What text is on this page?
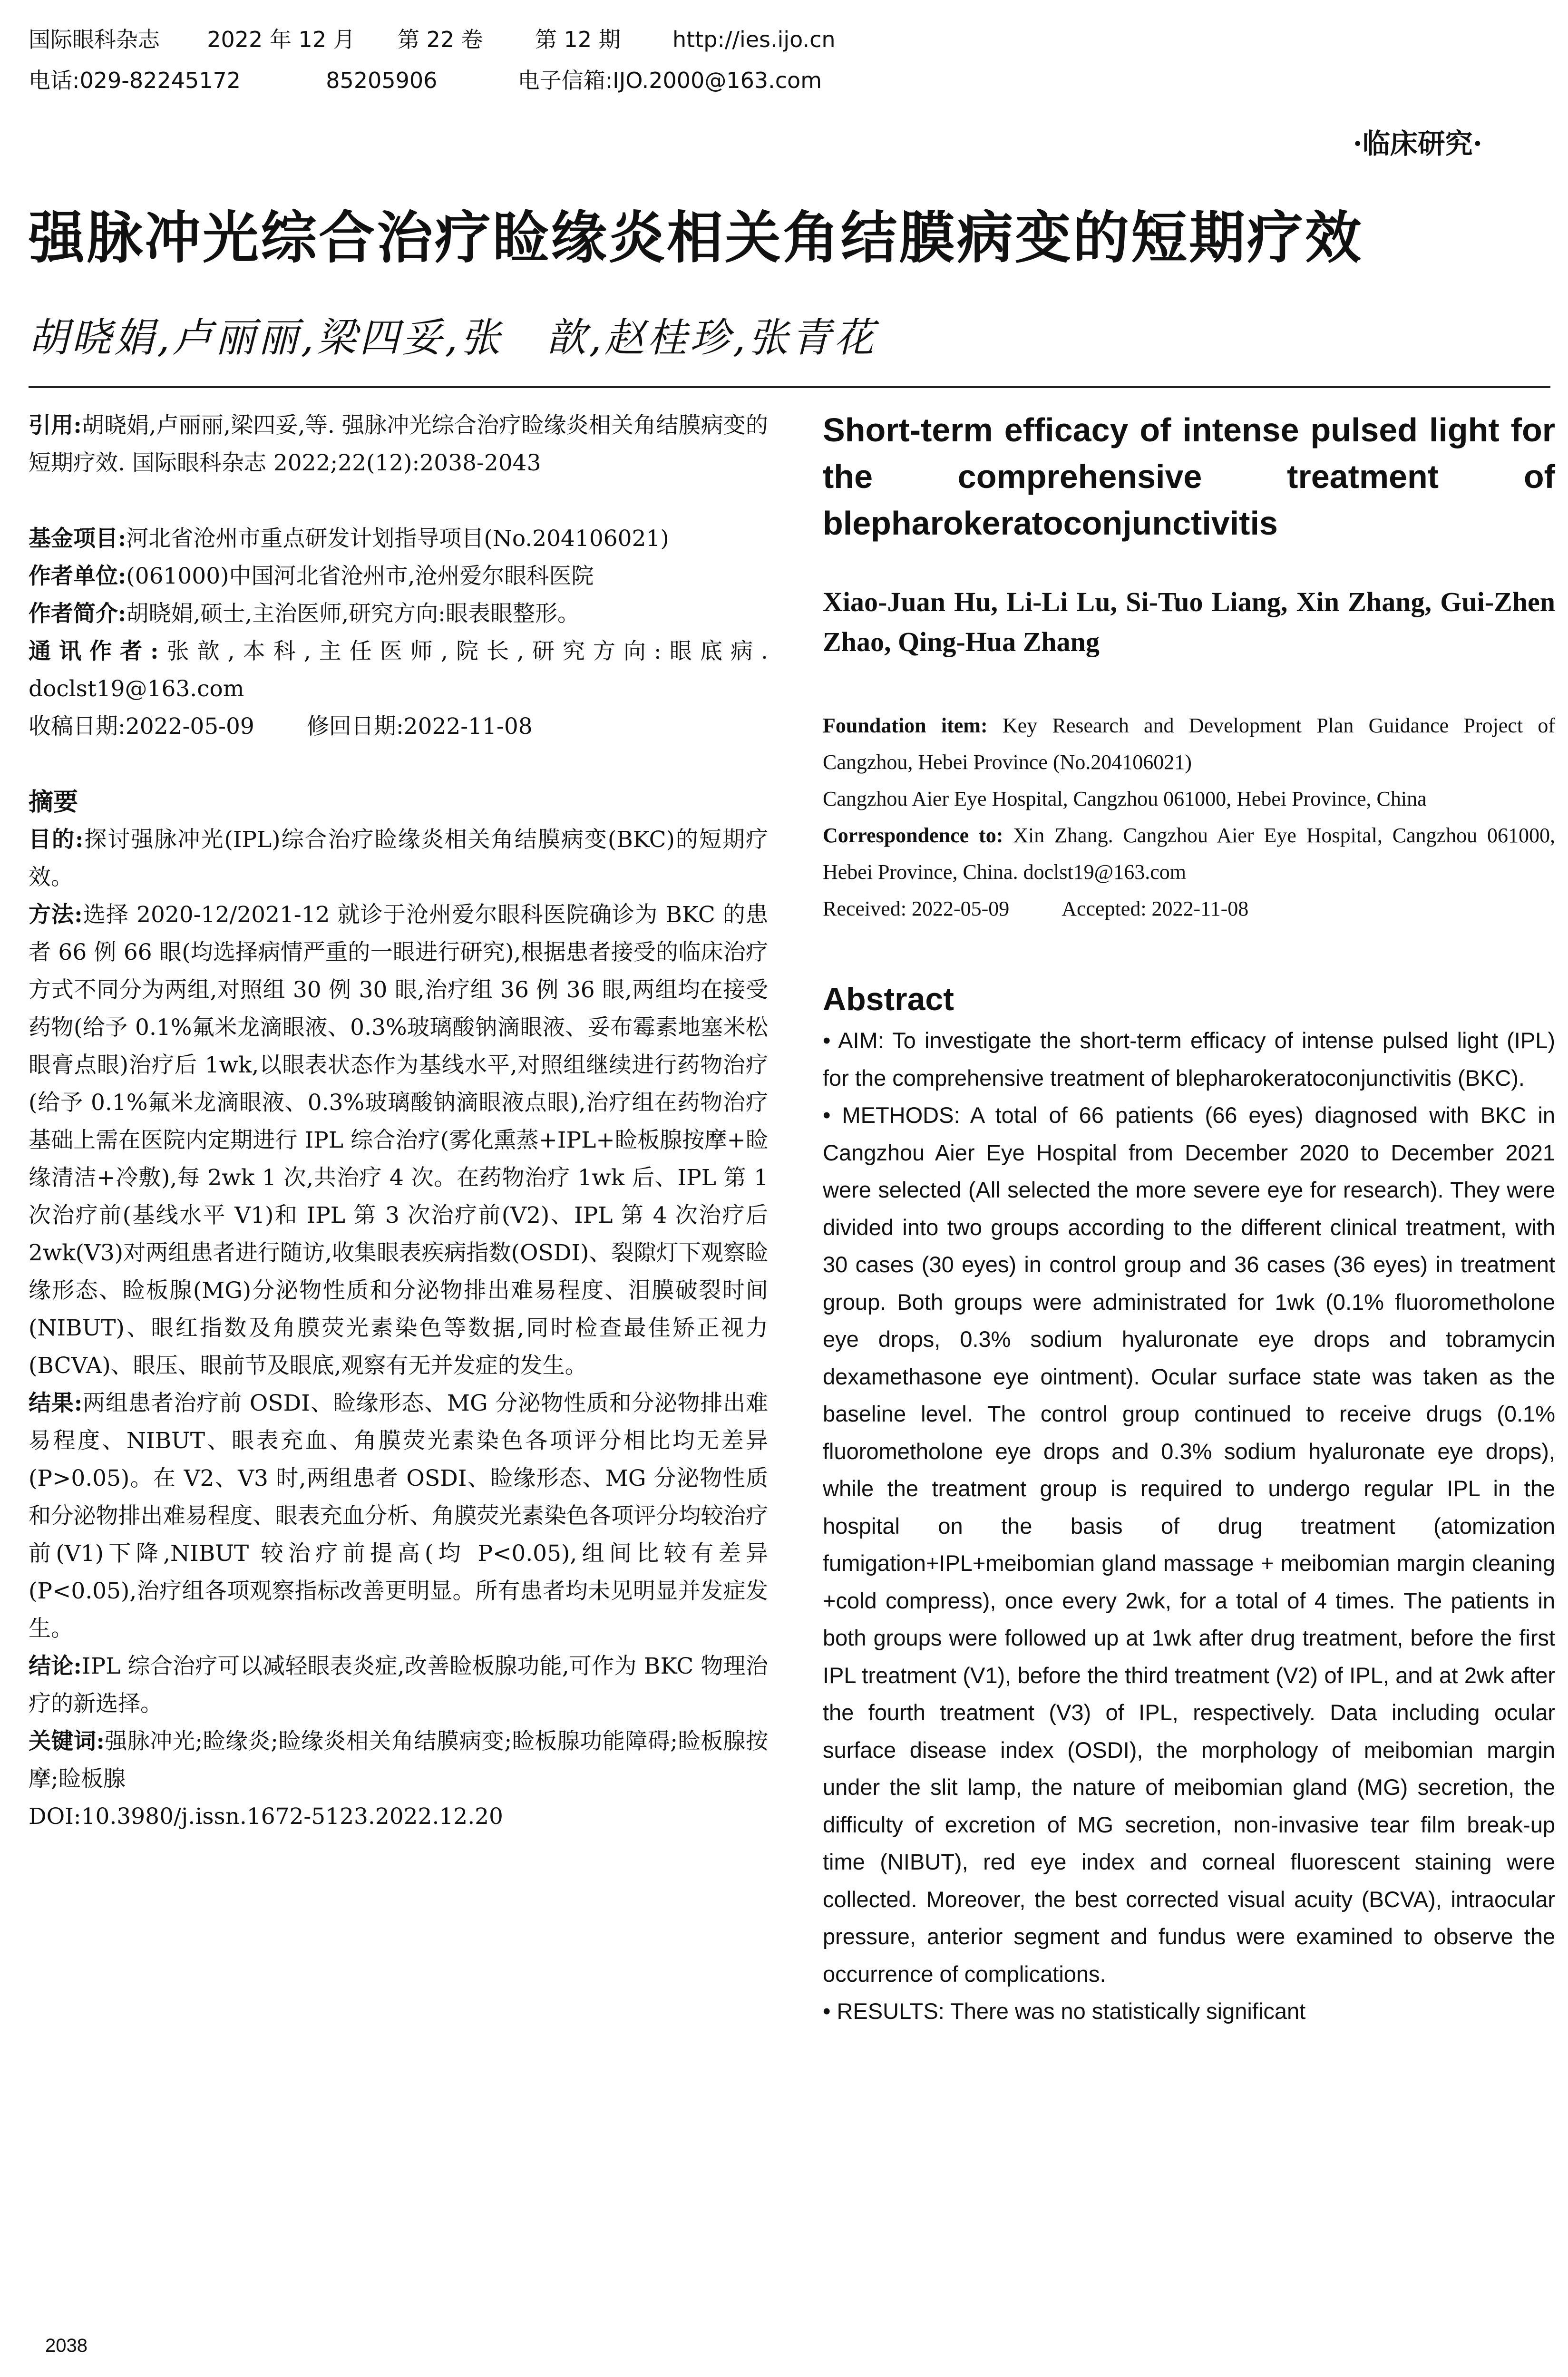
国际眼科杂志 2022 年 12 月 第 22 卷 第 12 期 http://ies.ijo.cn
电话:029-82245172	85205906	电子信箱:IJO.2000@163.com
·临床研究·
强脉冲光综合治疗睑缘炎相关角结膜病变的短期疗效
胡晓娟,卢丽丽,梁四妥,张　歆,赵桂珍,张青花

引用:胡晓娟,卢丽丽,梁四妥,等. 强脉冲光综合治疗睑缘炎相关角结膜病变的短期疗效. 国际眼科杂志 2022;22(12):2038-2043

基金项目:河北省沧州市重点研发计划指导项目(No.204106021)

作者单位:(061000)中国河北省沧州市,沧州爱尔眼科医院

作者简介:胡晓娟,硕士,主治医师,研究方向:眼表眼整形。

通讯作者:张歆,本科,主任医师,院长,研究方向:眼底病. doclst19@163.com

收稿日期:2022-05-09 修回日期:2022-11-08

摘要

目的:探讨强脉冲光(IPL)综合治疗睑缘炎相关角结膜病变(BKC)的短期疗效。

方法:选择 2020-12/2021-12 就诊于沧州爱尔眼科医院确诊为 BKC 的患者 66 例 66 眼(均选择病情严重的一眼进行研究),根据患者接受的临床治疗方式不同分为两组,对照组 30 例 30 眼,治疗组 36 例 36 眼,两组均在接受药物(给予 0.1%氟米龙滴眼液、0.3%玻璃酸钠滴眼液、妥布霉素地塞米松眼膏点眼)治疗后 1wk,以眼表状态作为基线水平,对照组继续进行药物治疗(给予 0.1%氟米龙滴眼液、0.3%玻璃酸钠滴眼液点眼),治疗组在药物治疗基础上需在医院内定期进行 IPL 综合治疗(雾化熏蒸+IPL+睑板腺按摩+睑缘清洁+冷敷),每 2wk 1 次,共治疗 4 次。在药物治疗 1wk 后、IPL 第 1 次治疗前(基线水平 V1)和 IPL 第 3 次治疗前(V2)、IPL 第 4 次治疗后 2wk(V3)对两组患者进行随访,收集眼表疾病指数(OSDI)、裂隙灯下观察睑缘形态、睑板腺(MG)分泌物性质和分泌物排出难易程度、泪膜破裂时间(NIBUT)、眼红指数及角膜荧光素染色等数据,同时检查最佳矫正视力(BCVA)、眼压、眼前节及眼底,观察有无并发症的发生。

结果:两组患者治疗前 OSDI、睑缘形态、MG 分泌物性质和分泌物排出难易程度、NIBUT、眼表充血、角膜荧光素染色各项评分相比均无差异(P>0.05)。在 V2、V3 时,两组患者 OSDI、睑缘形态、MG 分泌物性质和分泌物排出难易程度、眼表充血分析、角膜荧光素染色各项评分均较治疗前(V1)下降,NIBUT 较治疗前提高(均 P<0.05),组间比较有差异(P<0.05),治疗组各项观察指标改善更明显。所有患者均未见明显并发症发生。

结论:IPL 综合治疗可以减轻眼表炎症,改善睑板腺功能,可作为 BKC 物理治疗的新选择。

关键词:强脉冲光;睑缘炎;睑缘炎相关角结膜病变;睑板腺功能障碍;睑板腺按摩;睑板腺

DOI:10.3980/j.issn.1672-5123.2022.12.20

Short-term efficacy of intense pulsed light for the comprehensive treatment of blepharokeratoconjunctivitis

Xiao-Juan Hu, Li-Li Lu, Si-Tuo Liang, Xin Zhang, Gui-Zhen Zhao, Qing-Hua Zhang

Foundation item: Key Research and Development Plan Guidance Project of Cangzhou, Hebei Province (No.204106021)

Cangzhou Aier Eye Hospital, Cangzhou 061000, Hebei Province, China

Correspondence to: Xin Zhang. Cangzhou Aier Eye Hospital, Cangzhou 061000, Hebei Province, China. doclst19@163.com

Received: 2022-05-09	Accepted: 2022-11-08

Abstract

• AIM: To investigate the short-term efficacy of intense pulsed light (IPL) for the comprehensive treatment of blepharokeratoconjunctivitis (BKC).

• METHODS: A total of 66 patients (66 eyes) diagnosed with BKC in Cangzhou Aier Eye Hospital from December 2020 to December 2021 were selected (All selected the more severe eye for research). They were divided into two groups according to the different clinical treatment, with 30 cases (30 eyes) in control group and 36 cases (36 eyes) in treatment group. Both groups were administrated for 1wk (0.1% fluorometholone eye drops, 0.3% sodium hyaluronate eye drops and tobramycin dexamethasone eye ointment). Ocular surface state was taken as the baseline level. The control group continued to receive drugs (0.1% fluorometholone eye drops and 0.3% sodium hyaluronate eye drops), while the treatment group is required to undergo regular IPL in the hospital on the basis of drug treatment (atomization fumigation+IPL+meibomian gland massage + meibomian margin cleaning +cold compress), once every 2wk, for a total of 4 times. The patients in both groups were followed up at 1wk after drug treatment, before the first IPL treatment (V1), before the third treatment (V2) of IPL, and at 2wk after the fourth treatment (V3) of IPL, respectively. Data including ocular surface disease index (OSDI), the morphology of meibomian margin under the slit lamp, the nature of meibomian gland (MG) secretion, the difficulty of excretion of MG secretion, non-invasive tear film break-up time (NIBUT), red eye index and corneal fluorescent staining were collected. Moreover, the best corrected visual acuity (BCVA), intraocular pressure, anterior segment and fundus were examined to observe the occurrence of complications.

• RESULTS: There was no statistically significant

2038
